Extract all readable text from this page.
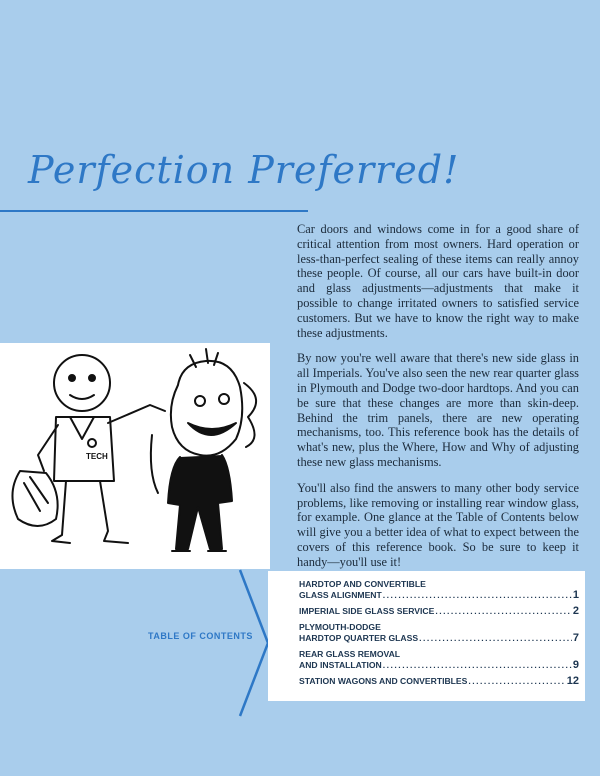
Perfection Preferred!

Car doors and windows come in for a good share of critical attention from most owners. Hard operation or less-than-perfect sealing of these items can really annoy these people. Of course, all our cars have built-in door and glass adjustments—adjustments that make it possible to change irritated owners to satisfied service customers. But we have to know the right way to make these adjustments.

By now you're well aware that there's new side glass in all Imperials. You've also seen the new rear quarter glass in Plymouth and Dodge two-door hardtops. And you can be sure that these changes are more than skin-deep. Behind the trim panels, there are new operating mechanisms, too. This reference book has the details of what's new, plus the Where, How and Why of adjusting these new glass mechanisms.

You'll also find the answers to many other body service problems, like removing or installing rear window glass, for example. One glance at the Table of Contents below will give you a better idea of what to expect between the covers of this reference book. So be sure to keep it handy—you'll use it!

TECH
TABLE OF CONTENTS
HARDTOP AND CONVERTIBLE
GLASS ALIGNMENT .....	1
IMPERIAL SIDE GLASS SERVICE .....	2
PLYMOUTH-DODGE
HARDTOP QUARTER GLASS .....	7
REAR GLASS REMOVAL
AND INSTALLATION .....	9
STATION WAGONS AND CONVERTIBLES .....	12
